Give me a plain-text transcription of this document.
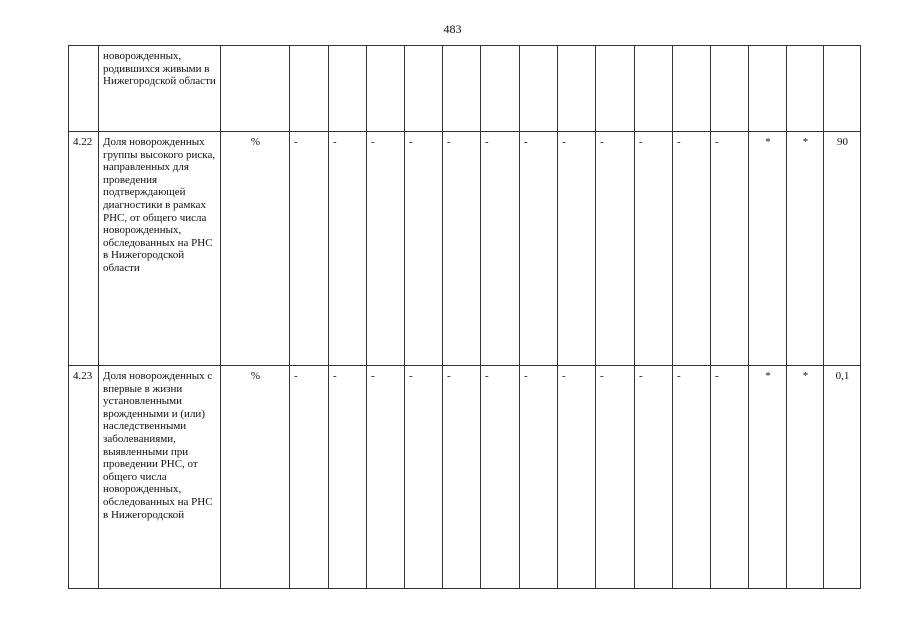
483
	новорожденных, родившихся живыми в Нижегородской области																
4.22	Доля новорожденных группы высокого риска, направленных для проведения подтверждающей диагностики в рамках РНС, от общего числа новорожденных, обследованных на РНС в Нижегородской области	%	-	-	-	-	-	-	-	-	-	-	-	-	*	*	90
4.23	Доля новорожденных с впервые в жизни установленными врожденными и (или) наследственными заболеваниями, выявленными при проведении РНС, от общего числа новорожденных, обследованных на РНС в Нижегородской	%	-	-	-	-	-	-	-	-	-	-	-	-	*	*	0,1
